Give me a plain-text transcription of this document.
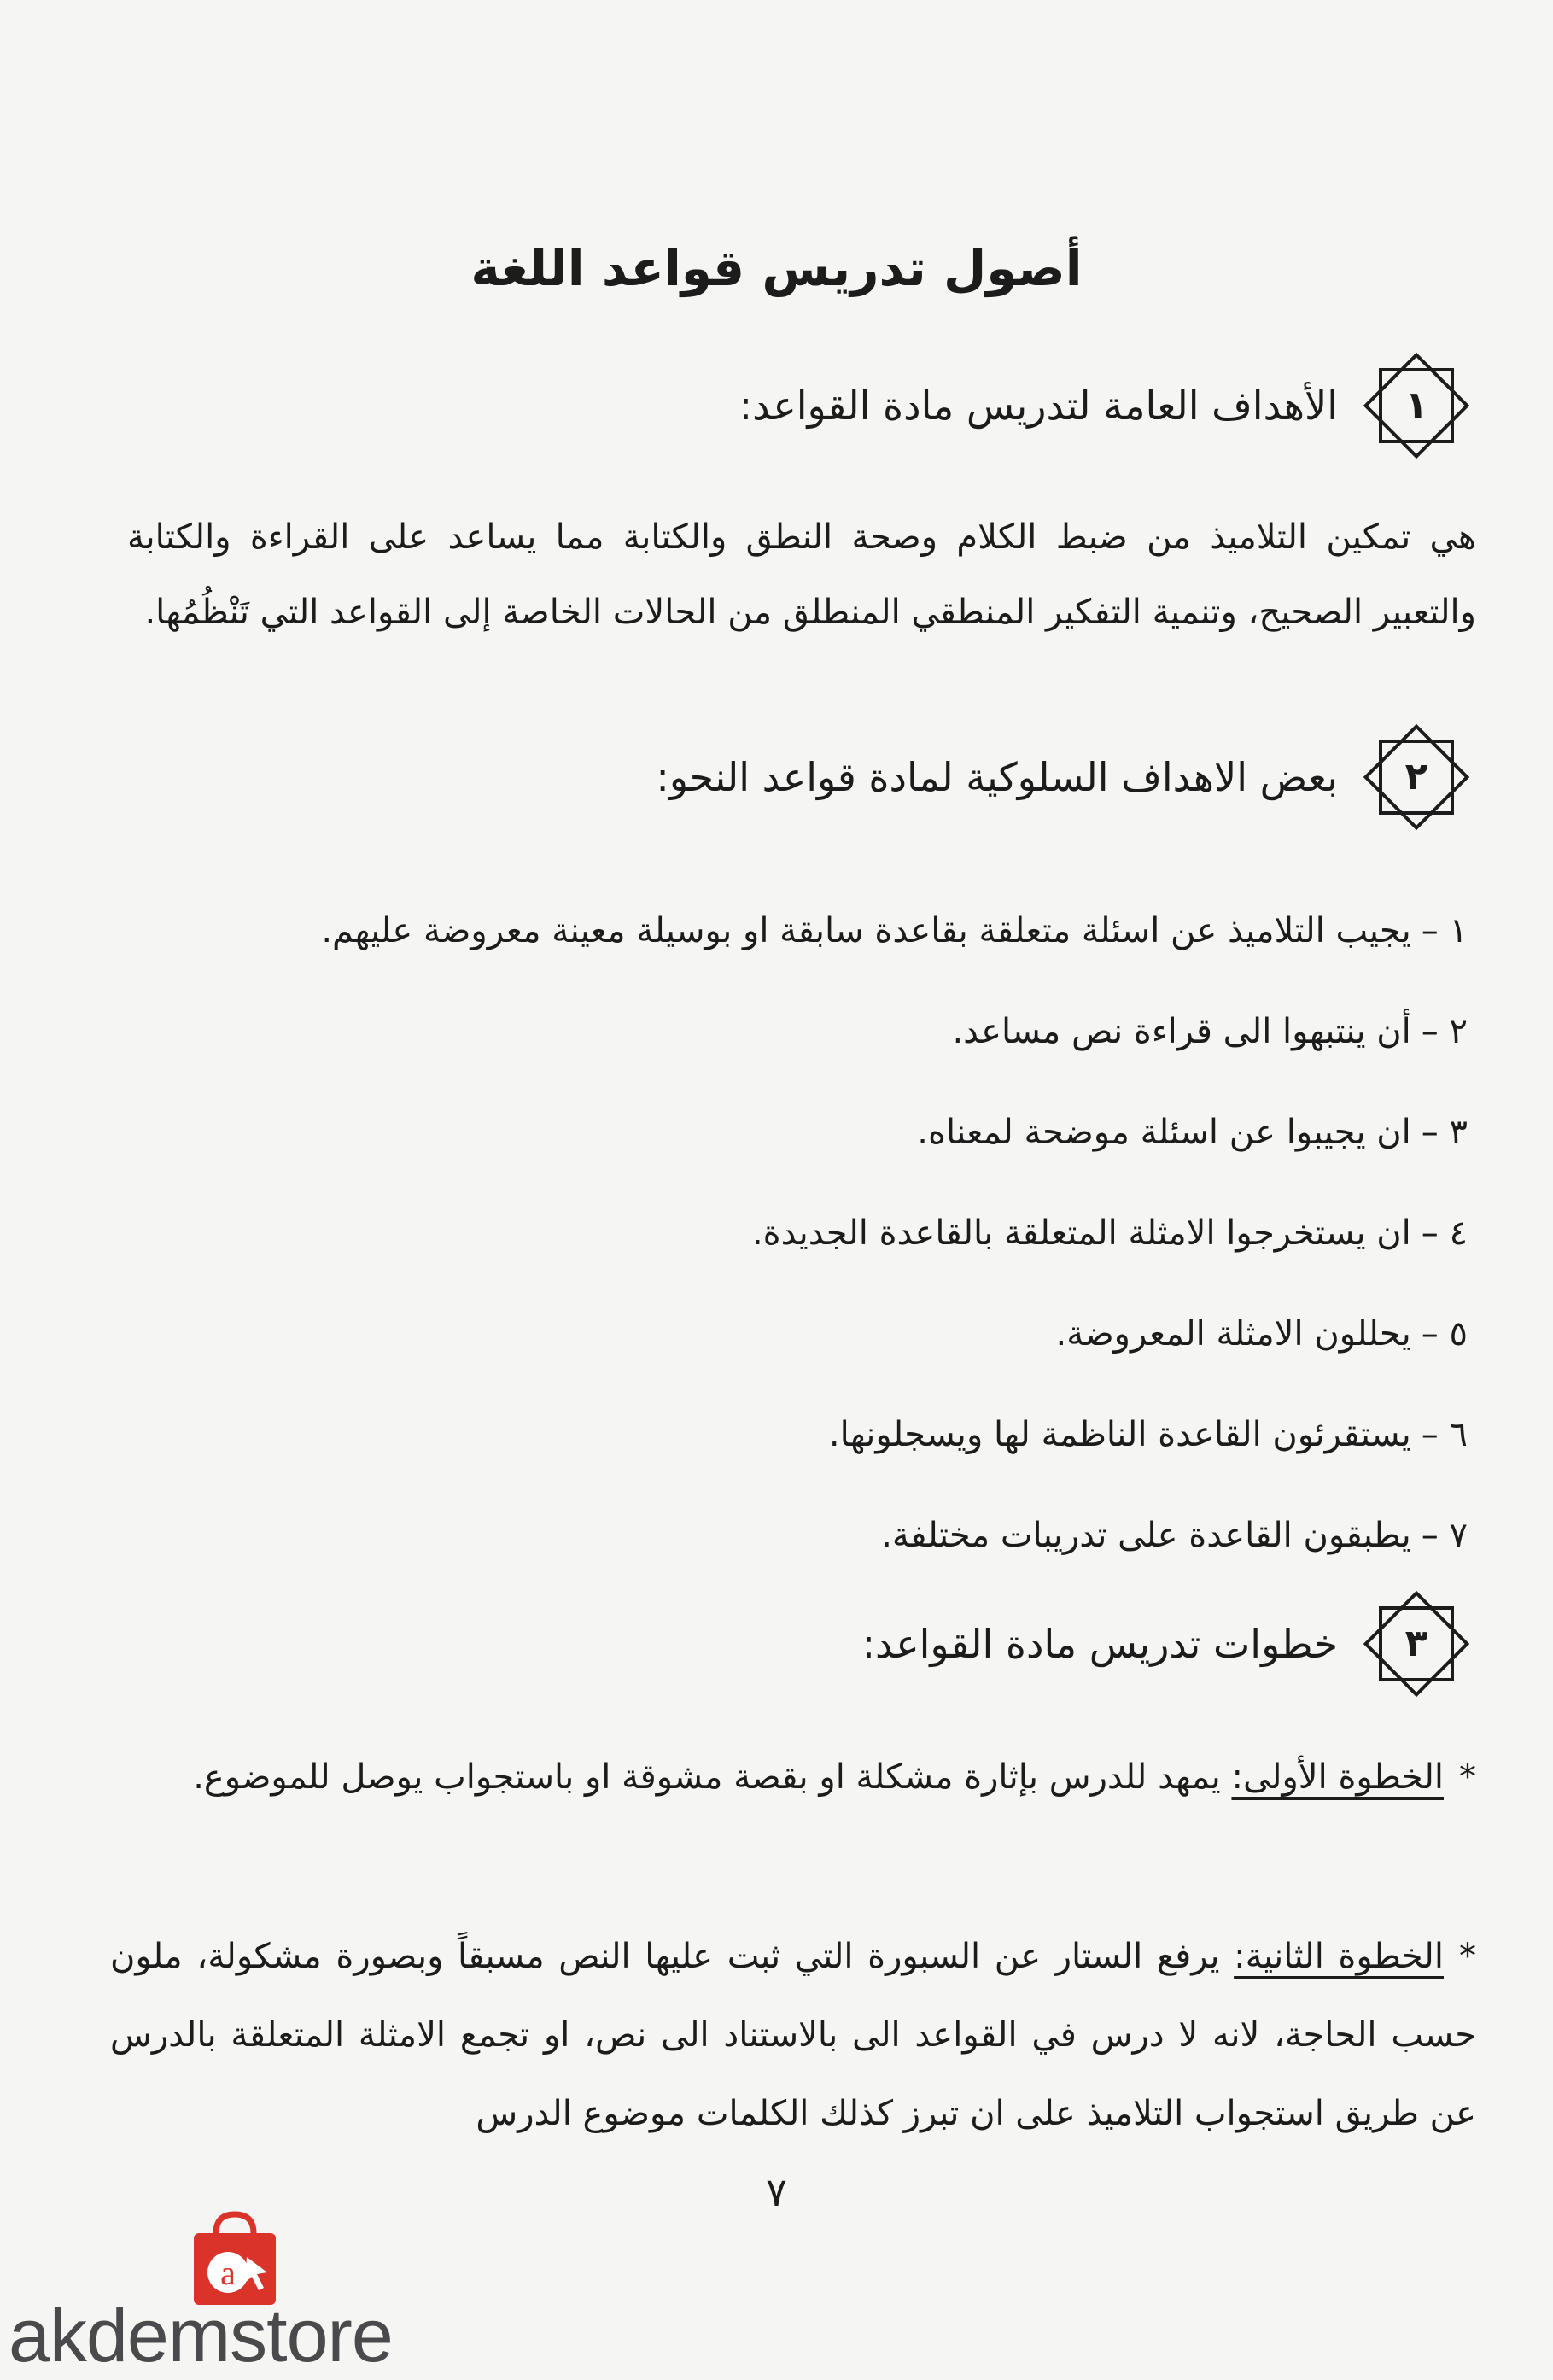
أصول تدريس قواعد اللغة
١
الأهداف العامة لتدريس مادة القواعد:
هي تمكين التلاميذ من ضبط الكلام وصحة النطق والكتابة مما يساعد على القراءة والكتابة والتعبير الصحيح، وتنمية التفكير المنطقي المنطلق من الحالات الخاصة إلى القواعد التي تَنْظُمُها.
٢
بعض الاهداف السلوكية لمادة قواعد النحو:
١ –يجيب التلاميذ عن اسئلة متعلقة بقاعدة سابقة او بوسيلة معينة معروضة عليهم.
٢ –أن ينتبهوا الى قراءة نص مساعد.
٣ –ان يجيبوا عن اسئلة موضحة لمعناه.
٤ –ان يستخرجوا الامثلة المتعلقة بالقاعدة الجديدة.
٥ –يحللون الامثلة المعروضة.
٦ –يستقرئون القاعدة الناظمة لها ويسجلونها.
٧ –يطبقون القاعدة على تدريبات مختلفة.
٣
خطوات تدريس مادة القواعد:
*الخطوة الأولى: يمهد للدرس بإثارة مشكلة او بقصة مشوقة او باستجواب يوصل للموضوع.
*الخطوة الثانية: يرفع الستار عن السبورة التي ثبت عليها النص مسبقاً وبصورة مشكولة، ملون حسب الحاجة، لانه لا درس في القواعد الى بالاستناد الى نص، او تجمع الامثلة المتعلقة بالدرس عن طريق استجواب التلاميذ على ان تبرز كذلك الكلمات موضوع الدرس
٧
a
akdemstore
